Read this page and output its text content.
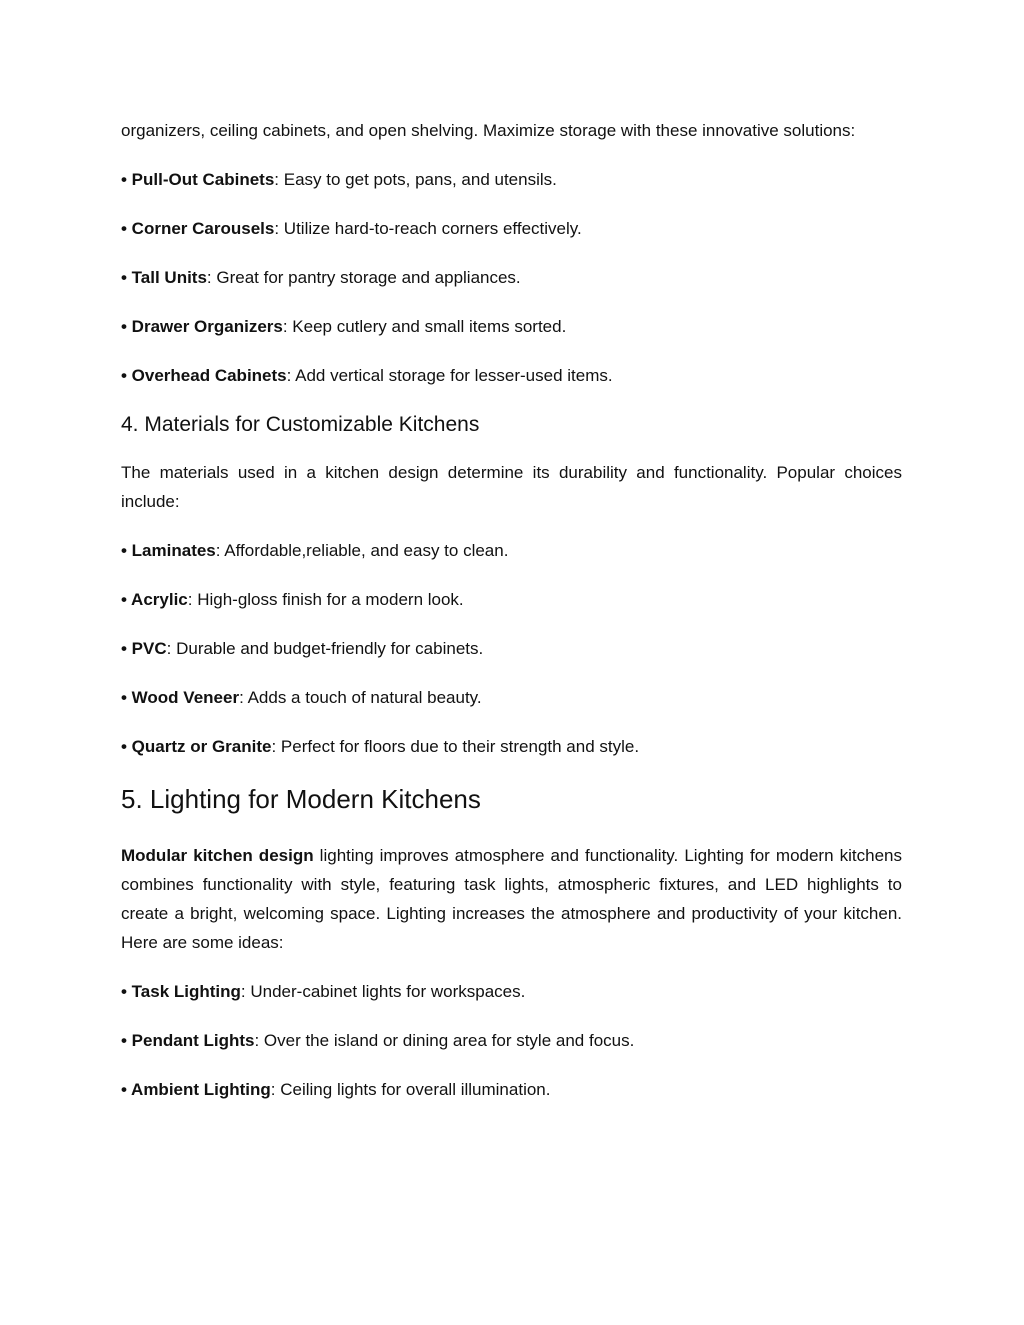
organizers, ceiling cabinets, and open shelving. Maximize storage with these innovative solutions:

• Pull-Out Cabinets: Easy to get pots, pans, and utensils.

• Corner Carousels: Utilize hard-to-reach corners effectively.

• Tall Units: Great for pantry storage and appliances.

• Drawer Organizers: Keep cutlery and small items sorted.

• Overhead Cabinets: Add vertical storage for lesser-used items.

4. Materials for Customizable Kitchens

The materials used in a kitchen design determine its durability and functionality. Popular choices include:

• Laminates: Affordable,reliable, and easy to clean.

• Acrylic: High-gloss finish for a modern look.

• PVC: Durable and budget-friendly for cabinets.

• Wood Veneer: Adds a touch of natural beauty.

• Quartz or Granite: Perfect for floors due to their strength and style.

5. Lighting for Modern Kitchens

Modular kitchen design lighting improves atmosphere and functionality. Lighting for modern kitchens combines functionality with style, featuring task lights, atmospheric fixtures, and LED highlights to create a bright, welcoming space. Lighting increases the atmosphere and productivity of your kitchen. Here are some ideas:

• Task Lighting: Under-cabinet lights for workspaces.

• Pendant Lights: Over the island or dining area for style and focus.

• Ambient Lighting: Ceiling lights for overall illumination.
